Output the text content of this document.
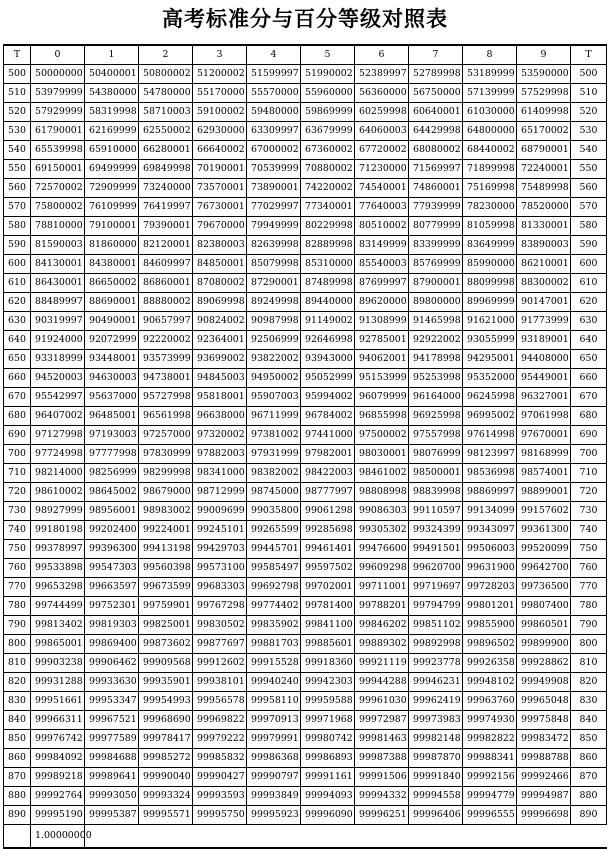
高考标准分与百分等级对照表
T	0	1	2	3	4	5	6	7	8	9	T
500	50000000	50400001	50800002	51200002	51599997	51990002	52389997	52789998	53189999	53590000	500
510	53979999	54380000	54780000	55170000	55570000	55960000	56360000	56750000	57139999	57529998	510
520	57929999	58319998	58710003	59100002	59480000	59869999	60259998	60640001	61030000	61409998	520
530	61790001	62169999	62550002	62930000	63309997	63679999	64060003	64429998	64800000	65170002	530
540	65539998	65910000	66280001	66640002	67000002	67360002	67720002	68080002	68440002	68790001	540
550	69150001	69499999	69849998	70190001	70539999	70880002	71230000	71569997	71899998	72240001	550
560	72570002	72909999	73240000	73570001	73890001	74220002	74540001	74860001	75169998	75489998	560
570	75800002	76109999	76419997	76730001	77029997	77340001	77640003	77939999	78230000	78520000	570
580	78810000	79100001	79390001	79670000	79949999	80229998	80510002	80779999	81059998	81330001	580
590	81590003	81860000	82120001	82380003	82639998	82889998	83149999	83399999	83649999	83890003	590
600	84130001	84380001	84609997	84850001	85079998	85310000	85540003	85769999	85990000	86210001	600
610	86430001	86650002	86860001	87080002	87290001	87489998	87699997	87900001	88099998	88300002	610
620	88489997	88690001	88880002	89069998	89249998	89440000	89620000	89800000	89969999	90147001	620
630	90319997	90490001	90657997	90824002	90987998	91149002	91308999	91465998	91621000	91773999	630
640	91924000	92072999	92220002	92364001	92506999	92646998	92785001	92922002	93055999	93189001	640
650	93318999	93448001	93573999	93699002	93822002	93943000	94062001	94178998	94295001	94408000	650
660	94520003	94630003	94738001	94845003	94950002	95052999	95153999	95253998	95352000	95449001	660
670	95542997	95637000	95727998	95818001	95907003	95994002	96079999	96164000	96245998	96327001	670
680	96407002	96485001	96561998	96638000	96711999	96784002	96855998	96925998	96995002	97061998	680
690	97127998	97193003	97257000	97320002	97381002	97441000	97500002	97557998	97614998	97670001	690
700	97724998	97777998	97830999	97882003	97931999	97982001	98030001	98076999	98123997	98168999	700
710	98214000	98256999	98299998	98341000	98382002	98422003	98461002	98500001	98536998	98574001	710
720	98610002	98645002	98679000	98712999	98745000	98777997	98808998	98839998	98869997	98899001	720
730	98927999	98956001	98983002	99009699	99035800	99061298	99086303	99110597	99134099	99157602	730
740	99180198	99202400	99224001	99245101	99265599	99285698	99305302	99324399	99343097	99361300	740
750	99378997	99396300	99413198	99429703	99445701	99461401	99476600	99491501	99506003	99520099	750
760	99533898	99547303	99560398	99573100	99585497	99597502	99609298	99620700	99631900	99642700	760
770	99653298	99663597	99673599	99683303	99692798	99702001	99711001	99719697	99728203	99736500	770
780	99744499	99752301	99759901	99767298	99774402	99781400	99788201	99794799	99801201	99807400	780
790	99813402	99819303	99825001	99830502	99835902	99841100	99846202	99851102	99855900	99860501	790
800	99865001	99869400	99873602	99877697	99881703	99885601	99889302	99892998	99896502	99899900	800
810	99903238	99906462	99909568	99912602	99915528	99918360	99921119	99923778	99926358	99928862	810
820	99931288	99933630	99935901	99938101	99940240	99942303	99944288	99946231	99948102	99949908	820
830	99951661	99953347	99954993	99956578	99958110	99959588	99961030	99962419	99963760	99965048	830
840	99966311	99967521	99968690	99969822	99970913	99971968	99972987	99973983	99974930	99975848	840
850	99976742	99977589	99978417	99979222	99979991	99980742	99981463	99982148	99982822	99983472	850
860	99984092	99984688	99985272	99985832	99986368	99986893	99987388	99987870	99988341	99988788	860
870	99989218	99989641	99990040	99990427	99990797	99991161	99991506	99991840	99992156	99992466	870
880	99992764	99993050	99993324	99993593	99993849	99994093	99994332	99994558	99994779	99994987	880
890	99995190	99995387	99995571	99995750	99995923	99996090	99996251	99996406	99996555	99996698	890
	1.00000000										
